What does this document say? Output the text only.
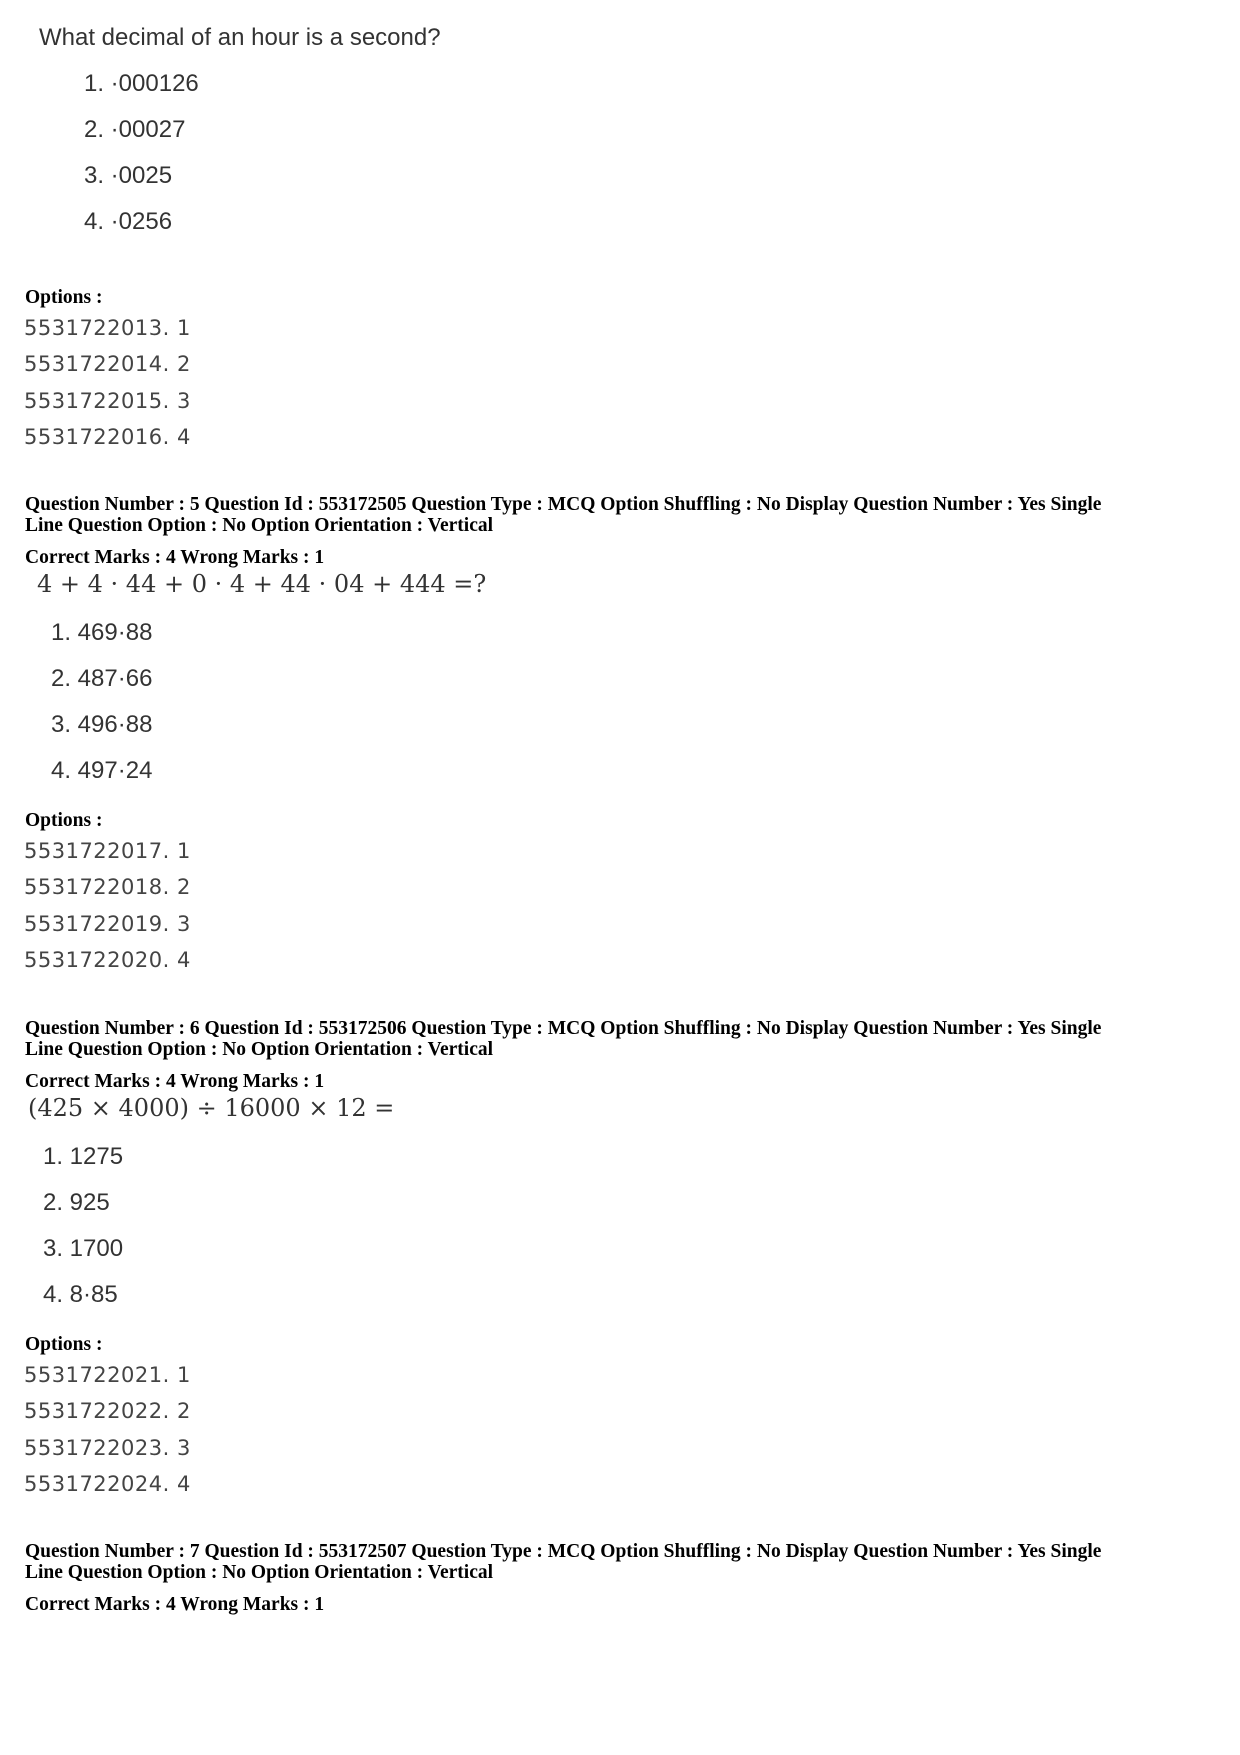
What decimal of an hour is a second?
1. ·000126
2. ·00027
3. ·0025
4. ·0256
Options :
5531722013. 1
5531722014. 2
5531722015. 3
5531722016. 4
Question Number : 5 Question Id : 553172505 Question Type : MCQ Option Shuffling : No Display Question Number : Yes Single
Line Question Option : No Option Orientation : Vertical
Correct Marks : 4 Wrong Marks : 1
4 + 4 · 44 + 0 · 4 + 44 · 04 + 444 =?
1. 469·88
2. 487·66
3. 496·88
4. 497·24
Options :
5531722017. 1
5531722018. 2
5531722019. 3
5531722020. 4
Question Number : 6 Question Id : 553172506 Question Type : MCQ Option Shuffling : No Display Question Number : Yes Single
Line Question Option : No Option Orientation : Vertical
Correct Marks : 4 Wrong Marks : 1
(425 × 4000) ÷ 16000 × 12 =
1. 1275
2. 925
3. 1700
4. 8·85
Options :
5531722021. 1
5531722022. 2
5531722023. 3
5531722024. 4
Question Number : 7 Question Id : 553172507 Question Type : MCQ Option Shuffling : No Display Question Number : Yes Single
Line Question Option : No Option Orientation : Vertical
Correct Marks : 4 Wrong Marks : 1
